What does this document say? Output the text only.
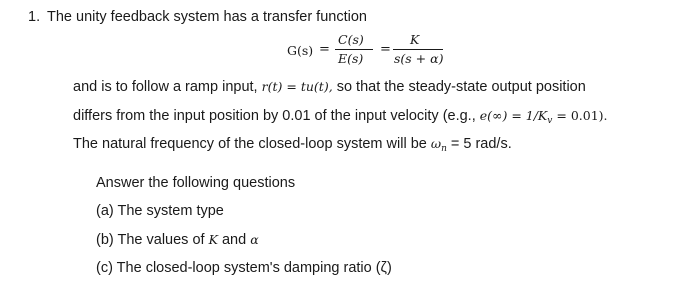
1. The unity feedback system has a transfer function
G(s) =
C(s)
E(s)
=
K
s(s + α)
and is to follow a ramp input, r(t) = tu(t), so that the steady-state output position
differs from the input position by 0.01 of the input velocity (e.g., $e(\infty) = 1/K_v = 0.01$).
The natural frequency of the closed-loop system will be $\omega_n = 5$ rad/s.
Answer the following questions
(a) The system type
(b) The values of K and α
(c) The closed-loop system's damping ratio (ζ)
